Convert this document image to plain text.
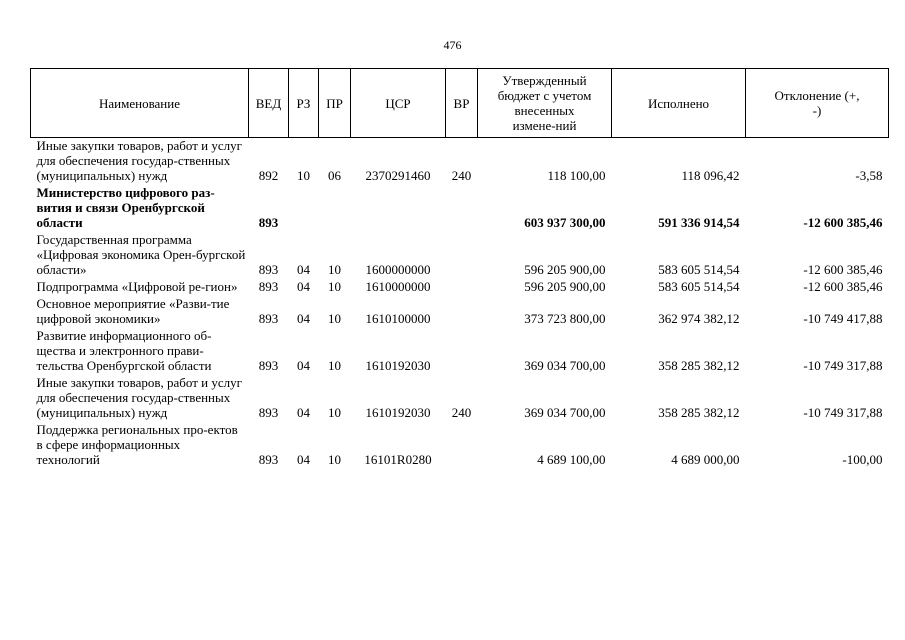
476
Наименование	ВЕД	РЗ	ПР	ЦСР	ВР	Утвержденный бюджет с учетом внесенных измене-ний	Исполнено	Отклонение (+, -)
Иные закупки товаров, работ и услуг для обеспечения государ-ственных (муниципальных) нужд	892	10	06	2370291460	240	118 100,00	118 096,42	-3,58
Министерство цифрового раз-вития и связи Оренбургской области	893					603 937 300,00	591 336 914,54	-12 600 385,46
Государственная программа «Цифровая экономика Орен-бургской области»	893	04	10	1600000000		596 205 900,00	583 605 514,54	-12 600 385,46
Подпрограмма «Цифровой ре-гион»	893	04	10	1610000000		596 205 900,00	583 605 514,54	-12 600 385,46
Основное мероприятие «Разви-тие цифровой экономики»	893	04	10	1610100000		373 723 800,00	362 974 382,12	-10 749 417,88
Развитие информационного об-щества и электронного прави-тельства Оренбургской области	893	04	10	1610192030		369 034 700,00	358 285 382,12	-10 749 317,88
Иные закупки товаров, работ и услуг для обеспечения государ-ственных (муниципальных) нужд	893	04	10	1610192030	240	369 034 700,00	358 285 382,12	-10 749 317,88
Поддержка региональных про-ектов в сфере информационных технологий	893	04	10	16101R0280		4 689 100,00	4 689 000,00	-100,00
